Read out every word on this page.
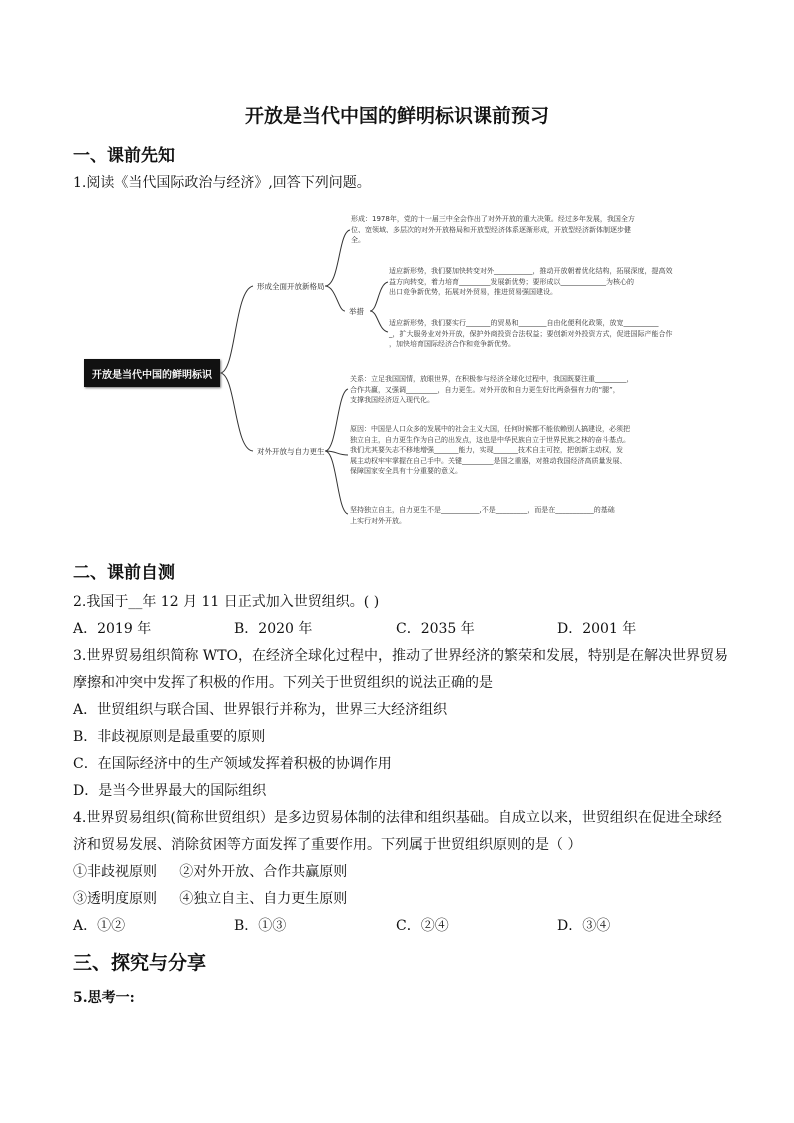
开放是当代中国的鲜明标识课前预习
一、课前先知
1.阅读《当代国际政治与经济》,回答下列问题。
开放是当代中国的鲜明标识
形成全面开放新格局
举措
对外开放与自力更生
形成：1978年，党的十一届三中全会作出了对外开放的重大决策。经过多年发展，我国全方
位、宽领域、多层次的对外开放格局和开放型经济体系逐渐形成，开放型经济新体制逐步健
全。
适应新形势，我们要加快转变对外___________，推动开放朝着优化结构，拓展深度，提高效
益方向转变，着力培育_________发展新优势；要形成以_____________为核心的
出口竞争新优势，拓展对外贸易，推进贸易强国建设。
适应新形势，我们要实行_______的贸易和________自由化便利化政策，放宽__________
_，扩大服务业对外开放，保护外商投资合法权益；要创新对外投资方式，促进国际产能合作
，加快培育国际经济合作和竞争新优势。
关系：立足我国国情，放眼世界，在积极参与经济全球化过程中，我国既要注重_________，
合作共赢，又强调_________，自力更生。对外开放和自力更生好比两条强有力的“腿”，
支撑我国经济迈入现代化。
原因：中国是人口众多的发展中的社会主义大国，任何时候都不能依赖别人搞建设，必须把
独立自主，自力更生作为自己的出发点，这也是中华民族自立于世界民族之林的奋斗基点。
我们尤其要矢志不移地增强_______能力，实现_______技术自主可控，把创新主动权，发
展主动权牢牢掌握在自己手中。关键_________是国之重器，对推动我国经济高质量发展、
保障国家安全具有十分重要的意义。
坚持独立自主，自力更生不是___________,不是_________，而是在___________的基础
上实行对外开放。
二、课前自测
2.我国于__年 12 月 11 日正式加入世贸组织。( )
A．2019 年	B．2020 年	C．2035 年	D．2001 年
3.世界贸易组织简称 WTO，在经济全球化过程中，推动了世界经济的繁荣和发展，特别是在解决世界贸易
摩擦和冲突中发挥了积极的作用。下列关于世贸组织的说法正确的是
A．世贸组织与联合国、世界银行并称为，世界三大经济组织
B．非歧视原则是最重要的原则
C．在国际经济中的生产领域发挥着积极的协调作用
D．是当今世界最大的国际组织
4.世界贸易组织(简称世贸组织）是多边贸易体制的法律和组织基础。自成立以来，世贸组织在促进全球经
济和贸易发展、消除贫困等方面发挥了重要作用。下列属于世贸组织原则的是（ ）
①非歧视原则     ②对外开放、合作共赢原则
③透明度原则     ④独立自主、自力更生原则
A．①②	B．①③	C．②④	D．③④
三、探究与分享
5.思考一:
